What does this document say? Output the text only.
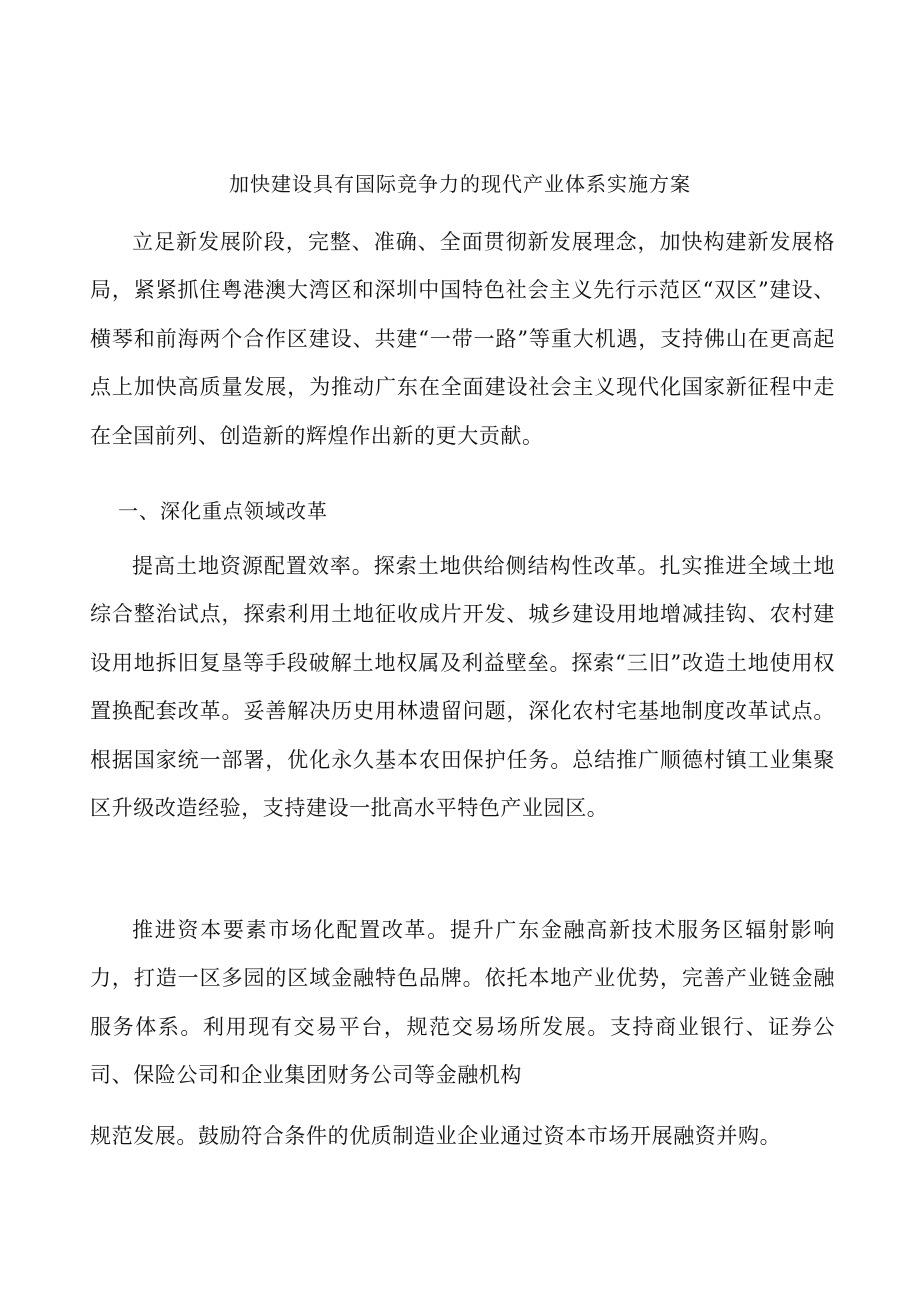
加快建设具有国际竞争力的现代产业体系实施方案

立足新发展阶段，完整、准确、全面贯彻新发展理念，加快构建新发展格局，紧紧抓住粤港澳大湾区和深圳中国特色社会主义先行示范区“双区”建设、横琴和前海两个合作区建设、共建“一带一路”等重大机遇，支持佛山在更高起点上加快高质量发展，为推动广东在全面建设社会主义现代化国家新征程中走在全国前列、创造新的辉煌作出新的更大贡献。

一、深化重点领域改革

提高土地资源配置效率。探索土地供给侧结构性改革。扎实推进全域土地综合整治试点，探索利用土地征收成片开发、城乡建设用地增减挂钩、农村建设用地拆旧复垦等手段破解土地权属及利益壁垒。探索“三旧”改造土地使用权置换配套改革。妥善解决历史用林遗留问题，深化农村宅基地制度改革试点。根据国家统一部署，优化永久基本农田保护任务。总结推广顺德村镇工业集聚区升级改造经验，支持建设一批高水平特色产业园区。

推进资本要素市场化配置改革。提升广东金融高新技术服务区辐射影响力，打造一区多园的区域金融特色品牌。依托本地产业优势，完善产业链金融服务体系。利用现有交易平台，规范交易场所发展。支持商业银行、证券公司、保险公司和企业集团财务公司等金融机构

规范发展。鼓励符合条件的优质制造业企业通过资本市场开展融资并购。
